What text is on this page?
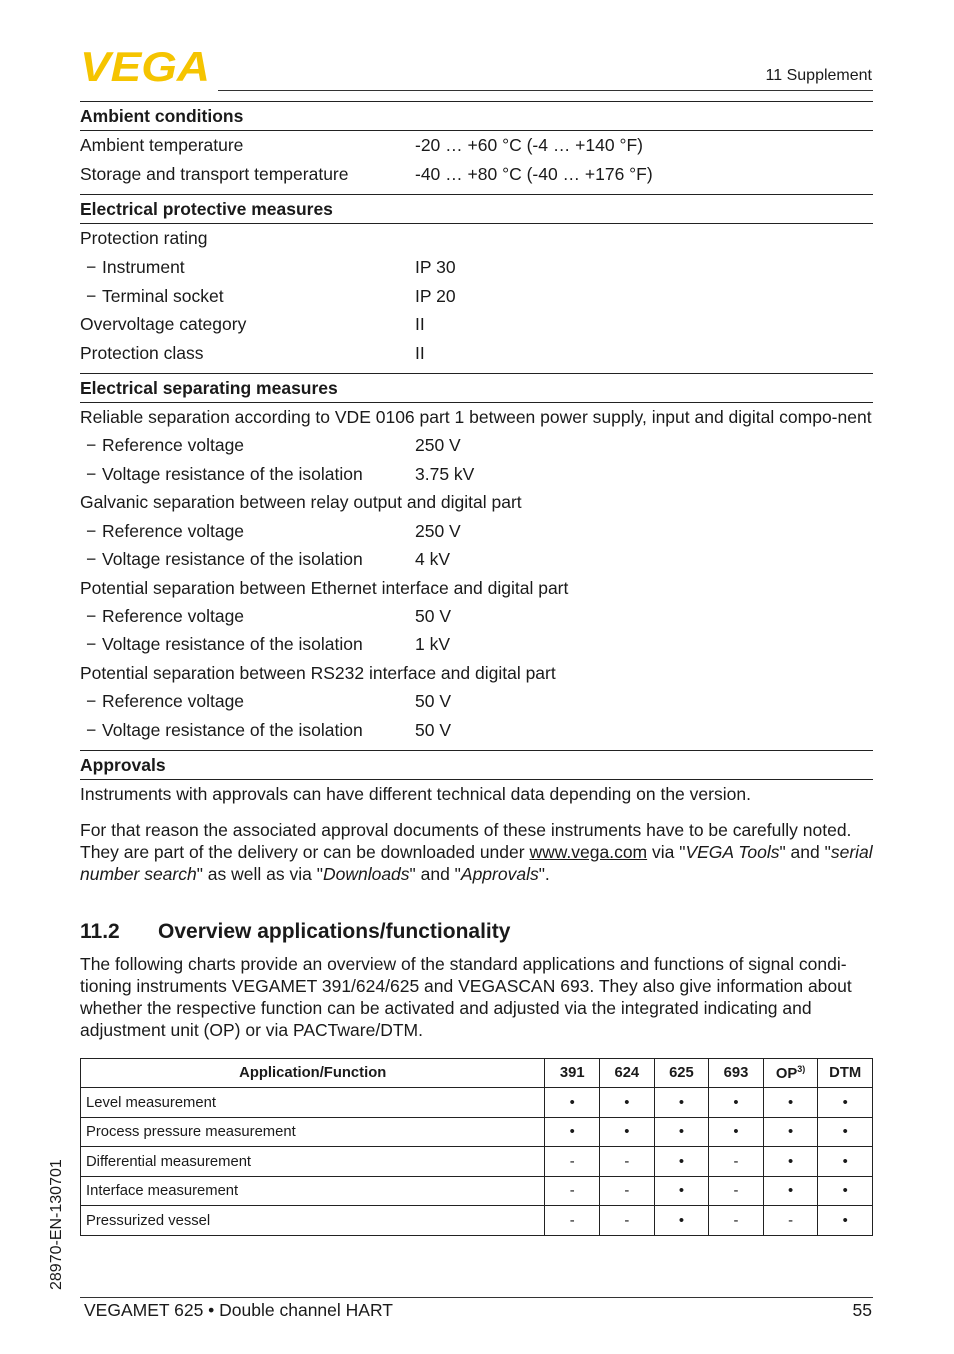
VEGA	11 Supplement
Ambient conditions
Ambient temperature	-20 … +60 °C (-4 … +140 °F)
Storage and transport temperature	-40 … +80 °C (-40 … +176 °F)
Electrical protective measures
Protection rating
− Instrument	IP 30
− Terminal socket	IP 20
Overvoltage category	II
Protection class	II
Electrical separating measures
Reliable separation according to VDE 0106 part 1 between power supply, input and digital compo-nent
− Reference voltage	250 V
− Voltage resistance of the isolation	3.75 kV
Galvanic separation between relay output and digital part
− Reference voltage	250 V
− Voltage resistance of the isolation	4 kV
Potential separation between Ethernet interface and digital part
− Reference voltage	50 V
− Voltage resistance of the isolation	1 kV
Potential separation between RS232 interface and digital part
− Reference voltage	50 V
− Voltage resistance of the isolation	50 V
Approvals
Instruments with approvals can have different technical data depending on the version.
For that reason the associated approval documents of these instruments have to be carefully noted. They are part of the delivery or can be downloaded under www.vega.com via "VEGA Tools" and "serial number search" as well as via "Downloads" and "Approvals".
11.2 Overview applications/functionality
The following charts provide an overview of the standard applications and functions of signal condi-tioning instruments VEGAMET 391/624/625 and VEGASCAN 693. They also give information about whether the respective function can be activated and adjusted via the integrated indicating and adjustment unit (OP) or via PACTware/DTM.
Application/Function	391	624	625	693	OP$^{3)}$	DTM
Level measurement	•	•	•	•	•	•
Process pressure measurement	•	•	•	•	•	•
Differential measurement	-	-	•	-	•	•
Interface measurement	-	-	•	-	•	•
Pressurized vessel	-	-	•	-	-	•
28970-EN-130701
VEGAMET 625 • Double channel HART	55
